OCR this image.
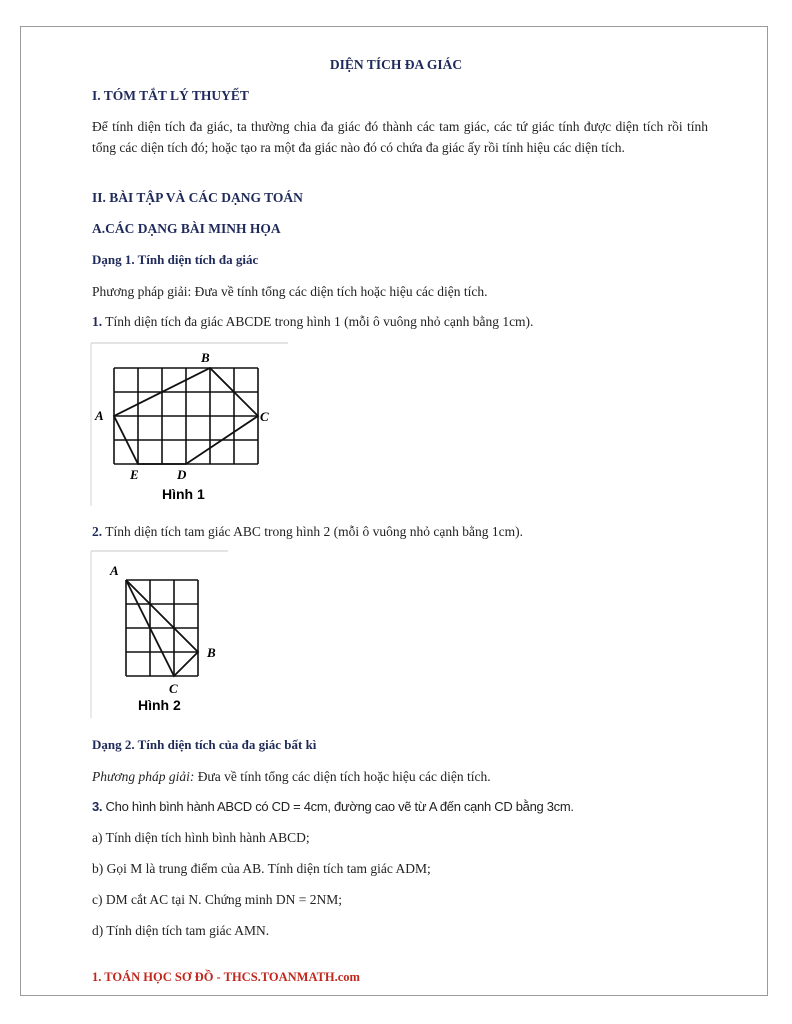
DIỆN TÍCH ĐA GIÁC
I. TÓM TẮT LÝ THUYẾT
Để tính diện tích đa giác, ta thường chia đa giác đó thành các tam giác, các tứ giác tính được diện tích rồi tính tổng các diện tích đó; hoặc tạo ra một đa giác nào đó có chứa đa giác ấy rồi tính hiệu các diện tích.
II. BÀI TẬP VÀ CÁC DẠNG TOÁN
A.CÁC DẠNG BÀI MINH HỌA
Dạng 1. Tính diện tích đa giác
Phương pháp giải: Đưa về tính tổng các diện tích hoặc hiệu các diện tích.
1. Tính diện tích đa giác ABCDE trong hình 1 (mỗi ô vuông nhỏ cạnh bằng 1cm).
A
B
C
D
E
Hình 1
2. Tính diện tích tam giác ABC trong hình 2 (mỗi ô vuông nhỏ cạnh bằng 1cm).
A
B
C
Hình 2
Dạng 2. Tính diện tích của đa giác bất kì
Phương pháp giải: Đưa về tính tổng các diện tích hoặc hiệu các diện tích.
3. Cho hình bình hành ABCD có CD = 4cm, đường cao vẽ từ A đến cạnh CD bằng 3cm.
a) Tính diện tích hình bình hành ABCD;
b) Gọi M là trung điểm của AB. Tính diện tích tam giác ADM;
c) DM cắt AC tại N. Chứng minh DN = 2NM;
d) Tính diện tích tam giác AMN.
1. TOÁN HỌC SƠ ĐỒ - THCS.TOANMATH.com
